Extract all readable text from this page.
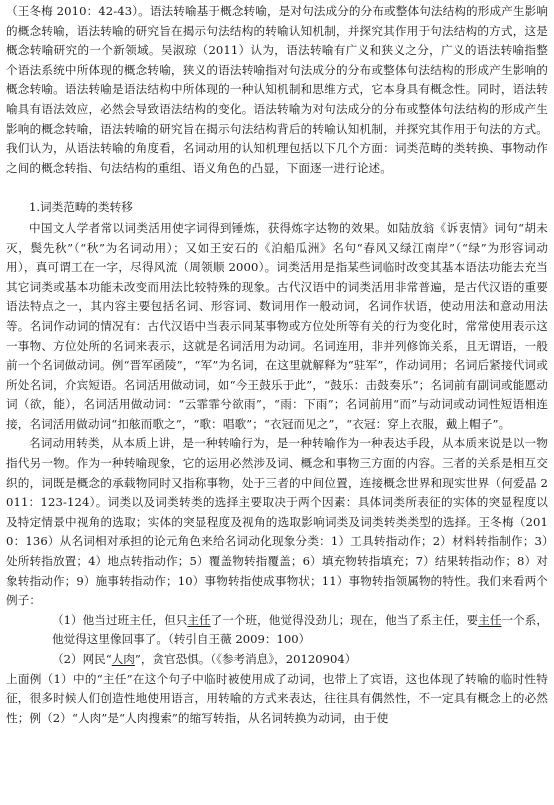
（王冬梅 2010：42-43）。语法转喻基于概念转喻，是对句法成分的分布或整体句法结构的形成产生影响的概念转喻，语法转喻的研究旨在揭示句法结构的转喻认知机制，并探究其作用于句法结构的方式，这是概念转喻研究的一个新领域。吴淑琼（2011）认为，语法转喻有广义和狭义之分，广义的语法转喻指整个语法系统中所体现的概念转喻，狭义的语法转喻指对句法成分的分布或整体句法结构的形成产生影响的概念转喻。语法转喻是语法结构中所体现的一种认知机制和思维方式，它本身具有概念性。同时，语法转喻具有语法效应，必然会导致语法结构的变化。语法转喻为对句法成分的分布或整体句法结构的形成产生影响的概念转喻，语法转喻的研究旨在揭示句法结构背后的转喻认知机制，并探究其作用于句法的方式。我们认为，从语法转喻的角度看，名词动用的认知机理包括以下几个方面：词类范畴的类转换、事物动作之间的概念转指、句法结构的重组、语义角色的凸显，下面逐一进行论述。

1.词类范畴的类转移

中国文人学者常以词类活用使字词得到锤炼，获得炼字达物的效果。如陆放翁《诉衷情》词句“胡未灭，鬓先秋”（“秋”为名词动用）；又如王安石的《泊船瓜洲》名句“春风又绿江南岸”（“绿”为形容词动用），真可谓工在一字，尽得风流（周领顺 2000）。词类活用是指某些词临时改变其基本语法功能去充当其它词类或基本功能未改变而用法比较特殊的现象。古代汉语中的词类活用非常普遍，是古代汉语的重要语法特点之一，其内容主要包括名词、形容词、数词用作一般动词，名词作状语，使动用法和意动用法等。名词作动词的情况有：古代汉语中当表示同某事物或方位处所等有关的行为变化时，常常使用表示这一事物、方位处所的名词来表示，这就是名词活用为动词。名词连用，非并列修饰关系，且无谓语，一般前一个名词做动词。例“晋军函陵”，“军”为名词，在这里就解释为“驻军”，作动词用；名词后紧接代词或所处名词，介宾短语。名词活用做动词，如“今王鼓乐于此”，“鼓乐：击鼓奏乐”；名词前有副词或能愿动词（欲，能），名词活用做动词：“云霏霏兮欲雨”，“雨：下雨”；名词前用“而”与动词或动词性短语相连接，名词活用做动词“扣舷而歌之”，“歌：唱歌”；“衣冠而见之”，“衣冠：穿上衣服，戴上帽子”。

名词动用转类，从本质上讲，是一种转喻行为，是一种转喻作为一种表达手段，从本质来说是以一物指代另一物。作为一种转喻现象，它的运用必然涉及词、概念和事物三方面的内容。三者的关系是相互交织的，词既是概念的承载物同时又指称事物，处于三者的中间位置，连接概念世界和现实世界（何爱晶 2011：123-124）。词类以及词类转类的选择主要取决于两个因素：具体词类所表征的实体的突显程度以及特定情景中视角的选取；实体的突显程度及视角的选取影响词类及词类转类类型的选择。王冬梅（2010：136）从名词相对承担的论元角色来给名词动化现象分类：1）工具转指动作；2）材料转指制作；3）处所转指放置；4）地点转指动作；5）覆盖物转指覆盖；6）填充物转指填充；7）结果转指动作；8）对象转指动作；9）施事转指动作；10）事物转指使成事物状；11）事物转指领属物的特性。我们来看两个例子：

（1）他当过班主任，但只主任了一个班，他觉得没劲儿；现在，他当了系主任，要主任一个系，他觉得这里像回事了。（转引自王薇 2009：100）

（2）网民“人肉”，贪官恐惧。（《参考消息》，20120904）

上面例（1）中的“主任”在这个句子中临时被使用成了动词，也带上了宾语，这也体现了转喻的临时性特征，很多时候人们创造性地使用语言，用转喻的方式来表达，往往具有偶然性，不一定具有概念上的必然性；例（2）“人肉”是“人肉搜索”的缩写转指，从名词转换为动词，由于使
